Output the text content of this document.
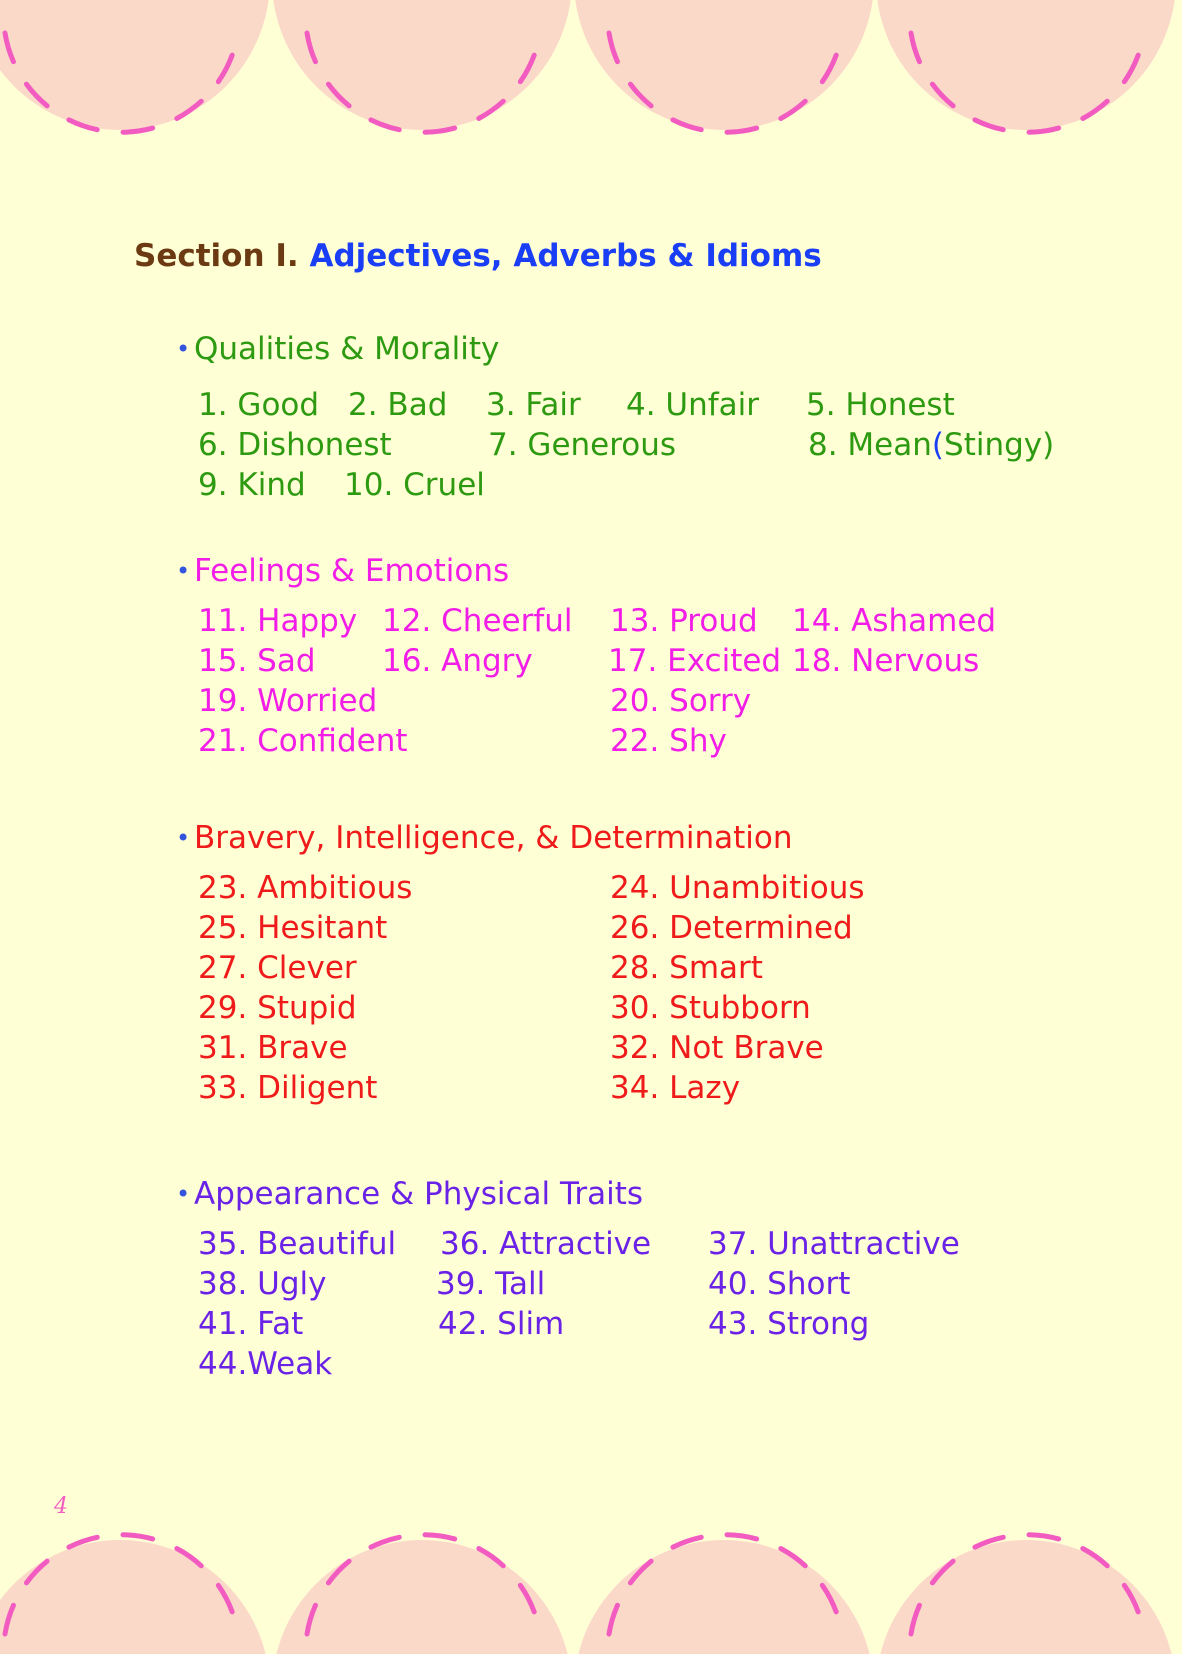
Section I. Adjectives, Adverbs & Idioms
• Qualities & Morality
1. Good 2. Bad 3. Fair 4. Unfair 5. Honest
6. Dishonest	7. Generous	8. Mean(Stingy)
9. Kind 10. Cruel
• Feelings & Emotions
11. Happy 12. Cheerful 13. Proud 14. Ashamed
15. Sad 16. Angry 17. Excited 18. Nervous
19. Worried	20. Sorry
21. Confident	22. Shy
• Bravery, Intelligence, & Determination
23. Ambitious	24. Unambitious
25. Hesitant	26. Determined
27. Clever	28. Smart
29. Stupid	30. Stubborn
31. Brave	32. Not Brave
33. Diligent	34. Lazy
• Appearance & Physical Traits
35. Beautiful 36. Attractive 37. Unattractive
38. Ugly	39. Tall	40. Short
41. Fat	42. Slim	43. Strong
44.Weak
4
